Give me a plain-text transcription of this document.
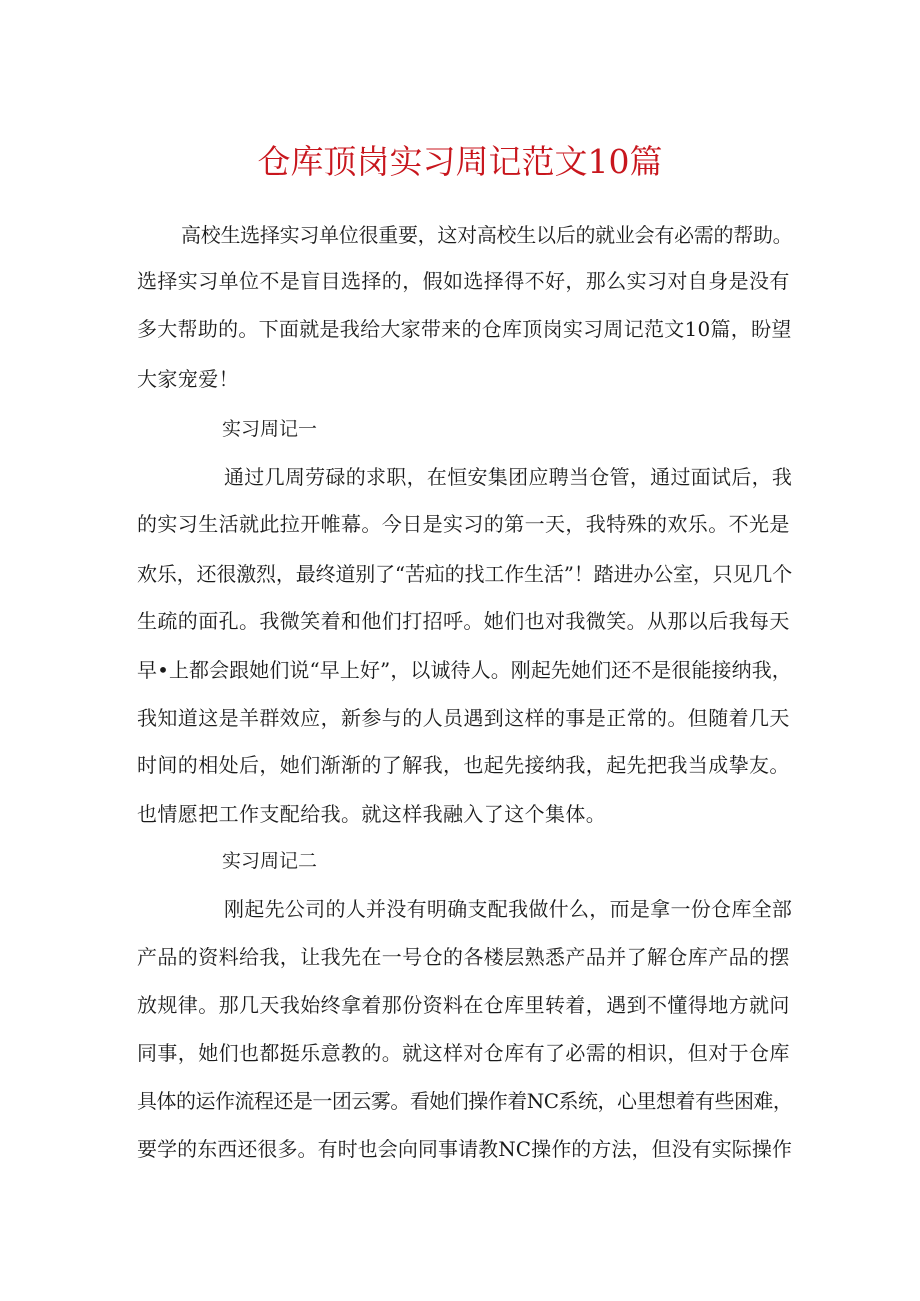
仓库顶岗实习周记范文10篇
高校生选择实习单位很重要，这对高校生以后的就业会有必需的帮助。
选择实习单位不是盲目选择的，假如选择得不好，那么实习对自身是没有
多大帮助的。下面就是我给大家带来的仓库顶岗实习周记范文10篇，盼望
大家宠爱！
实习周记一
通过几周劳碌的求职，在恒安集团应聘当仓管，通过面试后，我
的实习生活就此拉开帷幕。今日是实习的第一天，我特殊的欢乐。不光是
欢乐，还很激烈，最终道别了“苦疝的找工作生活”！踏进办公室，只见几个
生疏的面孔。我微笑着和他们打招呼。她们也对我微笑。从那以后我每天
早•上都会跟她们说“早上好”，以诚待人。刚起先她们还不是很能接纳我，
我知道这是羊群效应，新参与的人员遇到这样的事是正常的。但随着几天
时间的相处后，她们渐渐的了解我，也起先接纳我，起先把我当成挚友。
也情愿把工作支配给我。就这样我融入了这个集体。
实习周记二
刚起先公司的人并没有明确支配我做什么，而是拿一份仓库全部
产品的资料给我，让我先在一号仓的各楼层熟悉产品并了解仓库产品的摆
放规律。那几天我始终拿着那份资料在仓库里转着，遇到不懂得地方就问
同事，她们也都挺乐意教的。就这样对仓库有了必需的相识，但对于仓库
具体的运作流程还是一团云雾。看她们操作着NC系统，心里想着有些困难，
要学的东西还很多。有时也会向同事请教NC操作的方法，但没有实际操作
